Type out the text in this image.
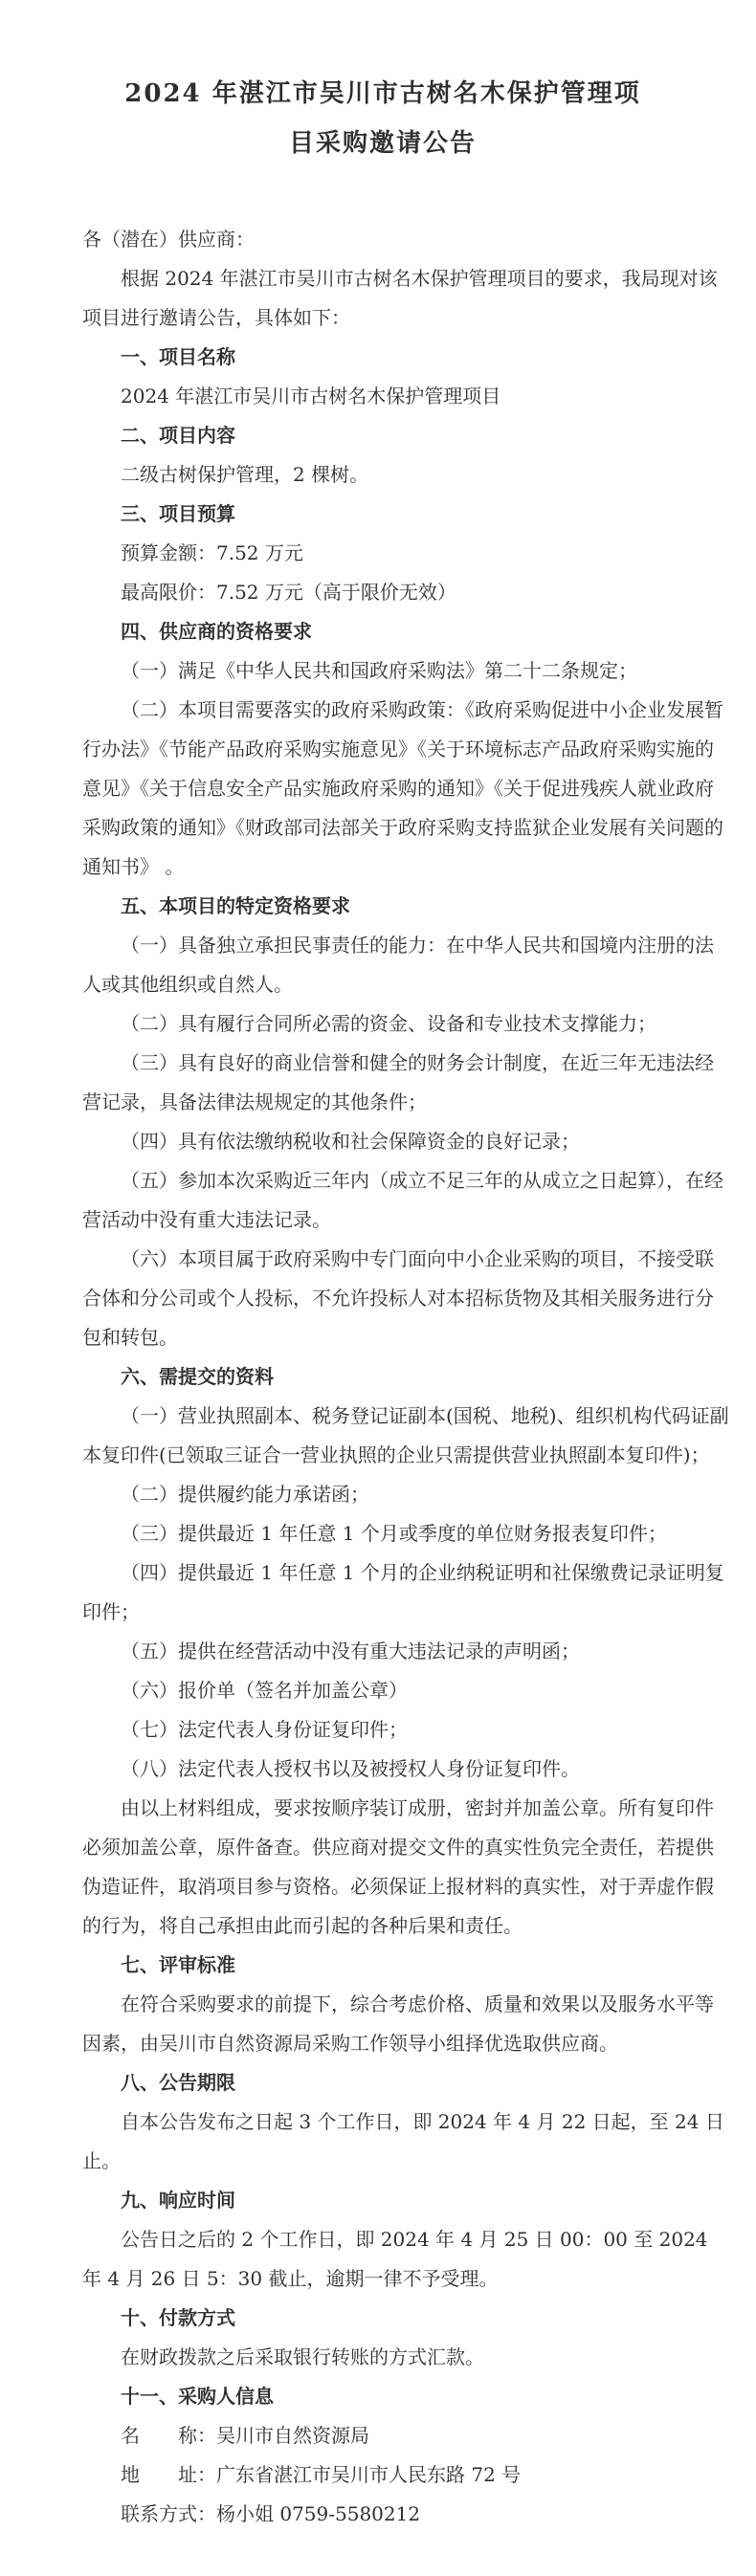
2024 年湛江市吴川市古树名木保护管理项
目采购邀请公告

各（潜在）供应商：

根据 2024 年湛江市吴川市古树名木保护管理项目的要求，我局现对该项目进行邀请公告，具体如下：

一、项目名称

2024 年湛江市吴川市古树名木保护管理项目

二、项目内容

二级古树保护管理，2 棵树。

三、项目预算

预算金额：7.52 万元

最高限价：7.52 万元（高于限价无效）

四、供应商的资格要求

（一）满足《中华人民共和国政府采购法》第二十二条规定；

（二）本项目需要落实的政府采购政策：《政府采购促进中小企业发展暂行办法》《节能产品政府采购实施意见》《关于环境标志产品政府采购实施的意见》《关于信息安全产品实施政府采购的通知》《关于促进残疾人就业政府采购政策的通知》《财政部司法部关于政府采购支持监狱企业发展有关问题的通知书》 。

五、本项目的特定资格要求

（一）具备独立承担民事责任的能力：在中华人民共和国境内注册的法人或其他组织或自然人。

（二）具有履行合同所必需的资金、设备和专业技术支撑能力；

（三）具有良好的商业信誉和健全的财务会计制度，在近三年无违法经营记录，具备法律法规规定的其他条件；

（四）具有依法缴纳税收和社会保障资金的良好记录；

（五）参加本次采购近三年内（成立不足三年的从成立之日起算），在经营活动中没有重大违法记录。

（六）本项目属于政府采购中专门面向中小企业采购的项目，不接受联合体和分公司或个人投标，不允许投标人对本招标货物及其相关服务进行分包和转包。

六、需提交的资料

（一）营业执照副本、税务登记证副本(国税、地税)、组织机构代码证副本复印件(已领取三证合一营业执照的企业只需提供营业执照副本复印件)；

（二）提供履约能力承诺函；

（三）提供最近 1 年任意 1 个月或季度的单位财务报表复印件；

（四）提供最近 1 年任意 1 个月的企业纳税证明和社保缴费记录证明复印件；

（五）提供在经营活动中没有重大违法记录的声明函；

（六）报价单（签名并加盖公章）

（七）法定代表人身份证复印件；

（八）法定代表人授权书以及被授权人身份证复印件。

由以上材料组成，要求按顺序装订成册，密封并加盖公章。所有复印件必须加盖公章，原件备查。供应商对提交文件的真实性负完全责任，若提供伪造证件，取消项目参与资格。必须保证上报材料的真实性，对于弄虚作假的行为，将自己承担由此而引起的各种后果和责任。

七、评审标准

在符合采购要求的前提下，综合考虑价格、质量和效果以及服务水平等因素，由吴川市自然资源局采购工作领导小组择优选取供应商。

八、公告期限

自本公告发布之日起 3 个工作日，即 2024 年 4 月 22 日起，至 24 日止。

九、响应时间

公告日之后的 2 个工作日，即 2024 年 4 月 25 日 00：00 至 2024 年 4 月 26 日 5：30 截止，逾期一律不予受理。

十、付款方式

在财政拨款之后采取银行转账的方式汇款。

十一、采购人信息

名　　称：吴川市自然资源局

地　　址：广东省湛江市吴川市人民东路 72 号

联系方式：杨小姐 0759-5580212
